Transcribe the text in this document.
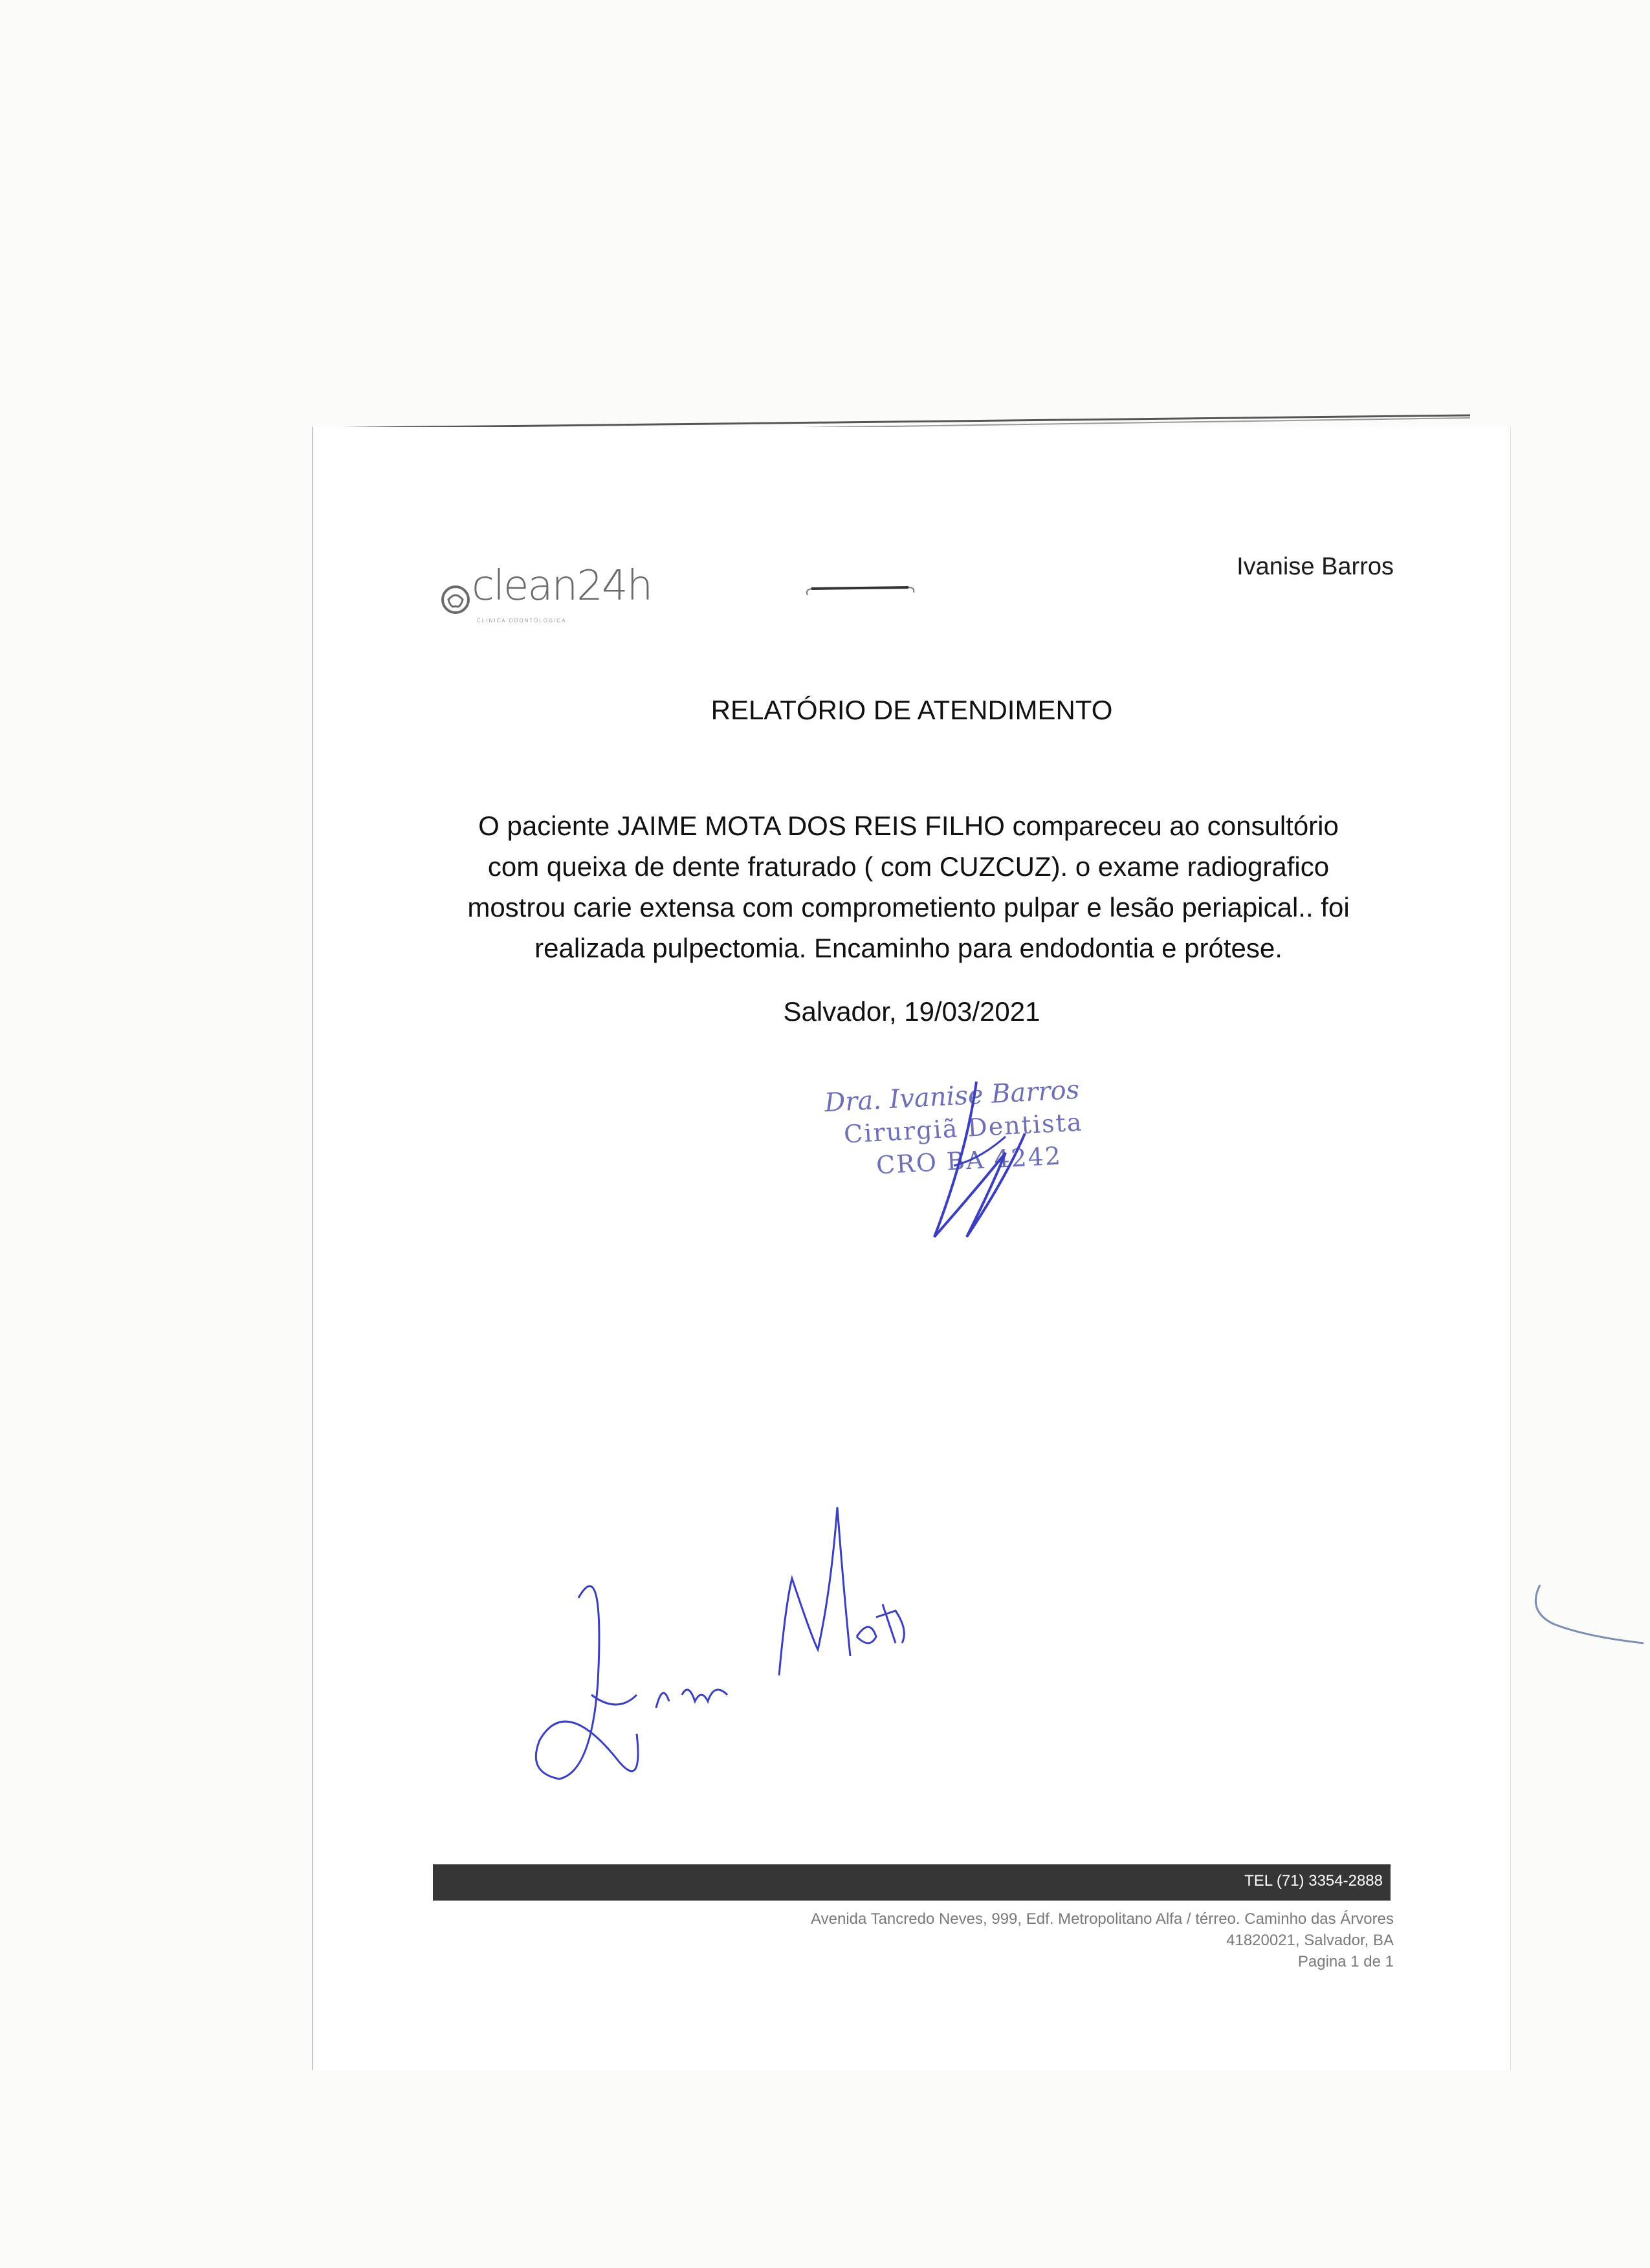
clean24h
CLINICA ODONTOLOGICA
Ivanise Barros
RELATÓRIO DE ATENDIMENTO
O paciente JAIME MOTA DOS REIS FILHO compareceu ao consultório
com queixa de dente fraturado ( com CUZCUZ). o exame radiografico
mostrou carie extensa com comprometiento pulpar e lesão periapical.. foi
realizada pulpectomia. Encaminho para endodontia e prótese.
Salvador, 19/03/2021
Dra. Ivanise Barros
Cirurgiã Dentista
CRO BA 4242
TEL (71) 3354-2888
Avenida Tancredo Neves, 999, Edf. Metropolitano Alfa / térreo. Caminho das Árvores
41820021, Salvador, BA
Pagina 1 de 1
